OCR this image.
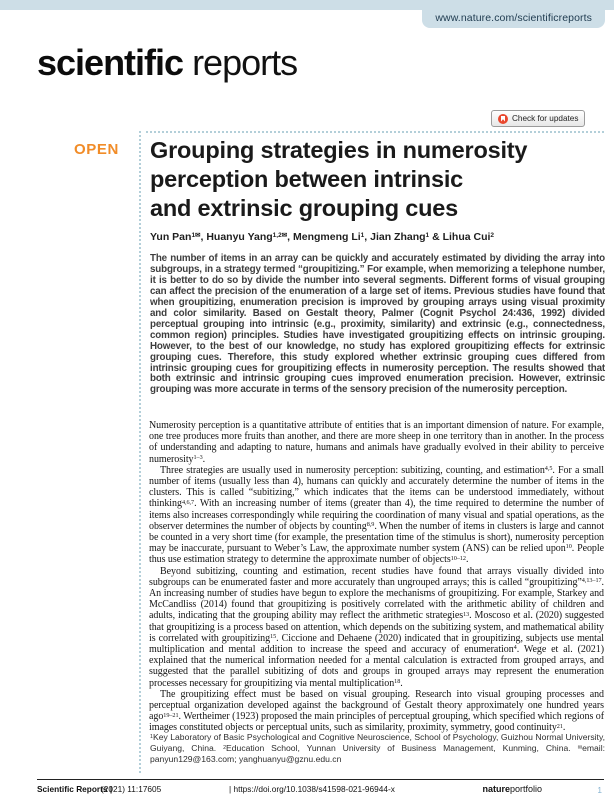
www.nature.com/scientificreports
scientific reports
Check for updates
OPEN Grouping strategies in numerosity
perception between intrinsic
and extrinsic grouping cues
Yun Pan$^{1✉}$, Huanyu Yang$^{1,2✉}$, Mengmeng Li$^1$, Jian Zhang$^1$ & Lihua Cui$^2$
The number of items in an array can be quickly and accurately estimated by dividing the array into subgroups, in a strategy termed “groupitizing.” For example, when memorizing a telephone number, it is better to do so by divide the number into several segments. Different forms of visual grouping can affect the precision of the enumeration of a large set of items. Previous studies have found that when groupitizing, enumeration precision is improved by grouping arrays using visual proximity and color similarity. Based on Gestalt theory, Palmer (Cognit Psychol 24:436, 1992) divided perceptual grouping into intrinsic (e.g., proximity, similarity) and extrinsic (e.g., connectedness, common region) principles. Studies have investigated groupitizing effects on intrinsic grouping. However, to the best of our knowledge, no study has explored groupitizing effects for extrinsic grouping cues. Therefore, this study explored whether extrinsic grouping cues differed from intrinsic grouping cues for groupitizing effects in numerosity perception. The results showed that both extrinsic and intrinsic grouping cues improved enumeration precision. However, extrinsic grouping was more accurate in terms of the sensory precision of the numerosity perception.

Numerosity perception is a quantitative attribute of entities that is an important dimension of nature. For example, one tree produces more fruits than another, and there are more sheep in one territory than in another. In the process of understanding and adapting to nature, humans and animals have gradually evolved in their ability to perceive numerosity$^{1-3}$.

Three strategies are usually used in numerosity perception: subitizing, counting, and estimation$^{4,5}$. For a small number of items (usually less than 4), humans can quickly and accurately determine the number of items in the clusters. This is called “subitizing,” which indicates that the items can be understood immediately, without thinking$^{4,6,7}$. With an increasing number of items (greater than 4), the time required to determine the number of items also increases correspondingly while requiring the coordination of many visual and spatial operations, as the observer determines the number of objects by counting$^{8,9}$. When the number of items in clusters is large and cannot be counted in a very short time (for example, the presentation time of the stimulus is short), numerosity perception may be inaccurate, pursuant to Weber’s Law, the approximate number system (ANS) can be relied upon$^{10}$. People thus use estimation strategy to determine the approximate number of objects$^{10-12}$.

Beyond subitizing, counting and estimation, recent studies have found that arrays visually divided into subgroups can be enumerated faster and more accurately than ungrouped arrays; this is called “groupitizing”$^{4,13-17}$. An increasing number of studies have begun to explore the mechanisms of groupitizing. For example, Starkey and McCandliss (2014) found that groupitizing is positively correlated with the arithmetic ability of children and adults, indicating that the grouping ability may reflect the arithmetic strategies$^{13}$. Moscoso et al. (2020) suggested that groupitizing is a process based on attention, which depends on the subitizing system, and mathematical ability is correlated with groupitizing$^{15}$. Ciccione and Dehaene (2020) indicated that in groupitizing, subjects use mental multiplication and mental addition to increase the speed and accuracy of enumeration$^4$. Wege et al. (2021) explained that the numerical information needed for a mental calculation is extracted from grouped arrays, and suggested that the parallel subitizing of dots and groups in grouped arrays may represent the enumeration processes necessary for groupitizing via mental multiplication$^{18}$.

The groupitizing effect must be based on visual grouping. Research into visual grouping processes and perceptual organization developed against the background of Gestalt theory approximately one hundred years ago$^{19-21}$. Wertheimer (1923) proposed the main principles of perceptual grouping, which specified which regions of images constituted objects or perceptual units, such as similarity, proximity, symmetry, good continuity$^{21}$.

$^1$Key Laboratory of Basic Psychological and Cognitive Neuroscience, School of Psychology, Guizhou Normal University, Guiyang, China. $^2$Education School, Yunnan University of Business Management, Kunming, China. ✉email: panyun129@163.com; yanghuanyu@gznu.edu.cn
Scientific Reports |
(2021) 11:17605	| https://doi.org/10.1038/s41598-021-96944-x	natureportfolio	1
